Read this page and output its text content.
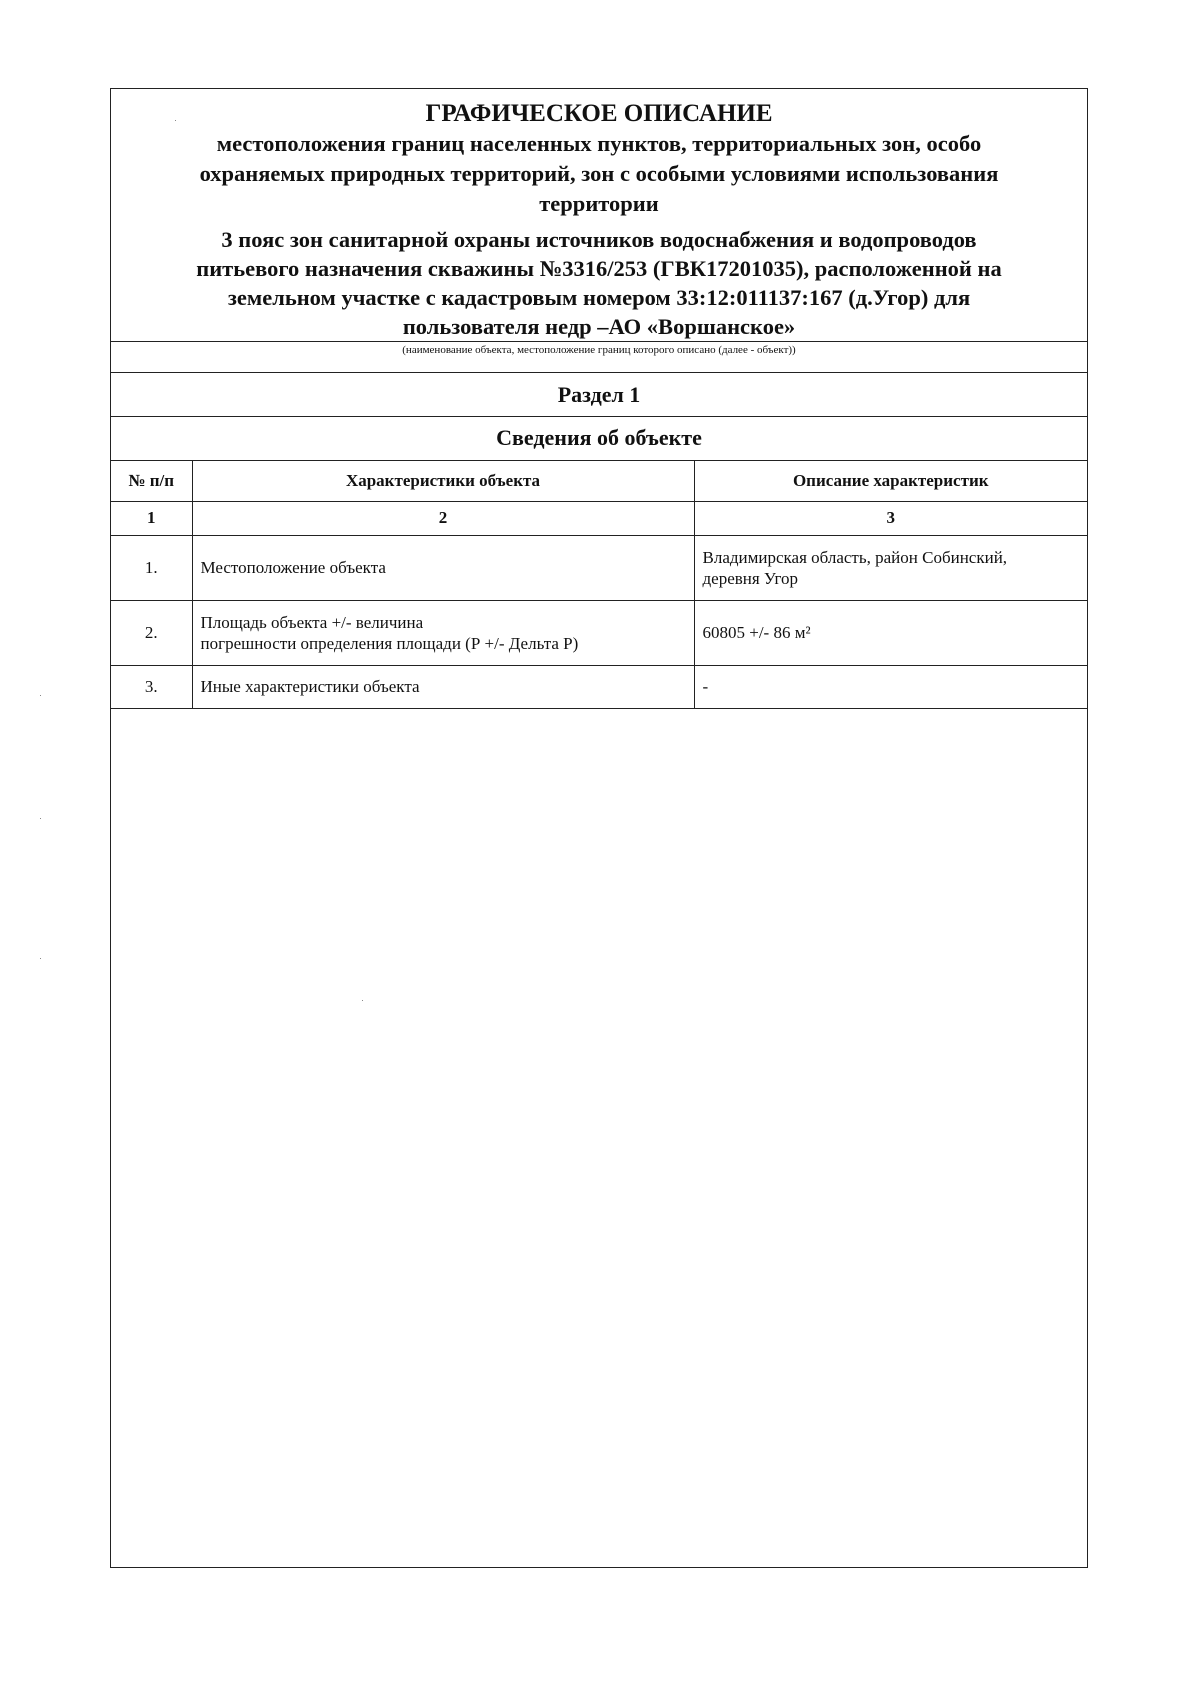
ГРАФИЧЕСКОЕ ОПИСАНИЕ

местоположения границ населенных пунктов, территориальных зон, особо

охраняемых природных территорий, зон с особыми условиями использования

территории

3 пояс зон санитарной охраны источников водоснабжения и водопроводов

питьевого назначения скважины №3316/253 (ГВК17201035), расположенной на

земельном участке с кадастровым номером 33:12:011137:167 (д.Угор) для

пользователя недр –АО «Воршанское»

(наименование объекта, местоположение границ которого описано (далее - объект))
Раздел 1
Сведения об объекте
№ п/п	Характеристики объекта	Описание характеристик
1	2	3
1.	Местоположение объекта	Владимирская область, район Собинский,
деревня Угор
2.	Площадь объекта +/- величина
погрешности определения площади (Р +/- Дельта Р)	60805 +/- 86 м²
3.	Иные характеристики объекта	-
